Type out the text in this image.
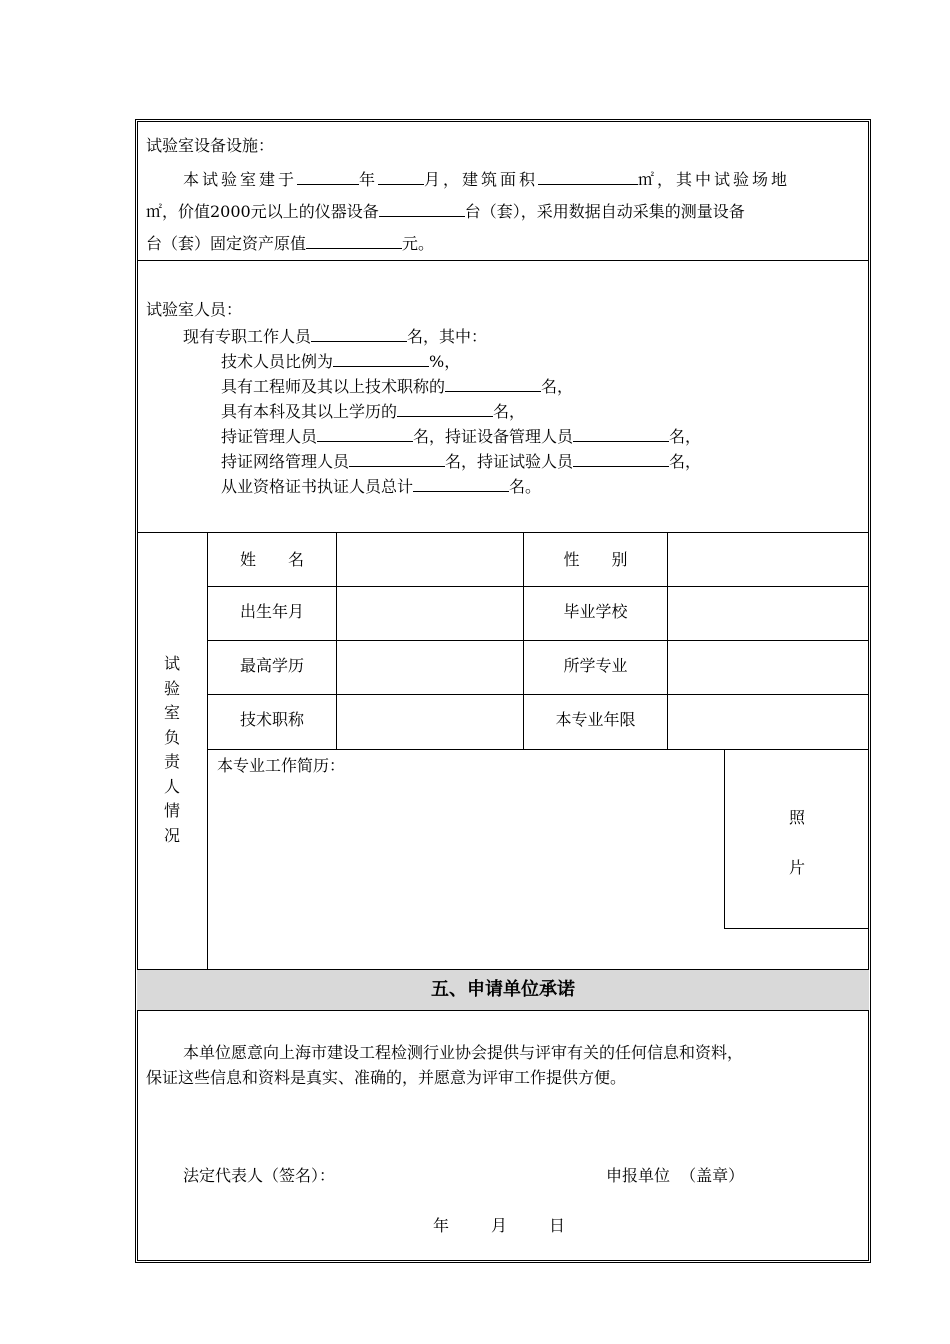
试验室设备设施：
本试验室建于	年	月，建筑面积	㎡，其中试验场地
㎡，价值2000元以上的仪器设备	台（套），采用数据自动采集的测量设备
台（套）固定资产原值	元。
试验室人员：
现有专职工作人员	名，其中：
技术人员比例为	%，
具有工程师及其以上技术职称的	名，
具有本科及其以上学历的	名，
持证管理人员	名，持证设备管理人员	名，
持证网络管理人员	名，持证试验人员	名，
从业资格证书执证人员总计	名。
试
验
室
负
责
人
情
况
姓　　名	性　　别
出生年月	毕业学校
最高学历	所学专业
技术职称	本专业年限
本专业工作简历：
照
片
五、申请单位承诺
本单位愿意向上海市建设工程检测行业协会提供与评审有关的任何信息和资料，
保证这些信息和资料是真实、准确的，并愿意为评审工作提供方便。
法定代表人（签名）：	申报单位  （盖章）
年	月	日
